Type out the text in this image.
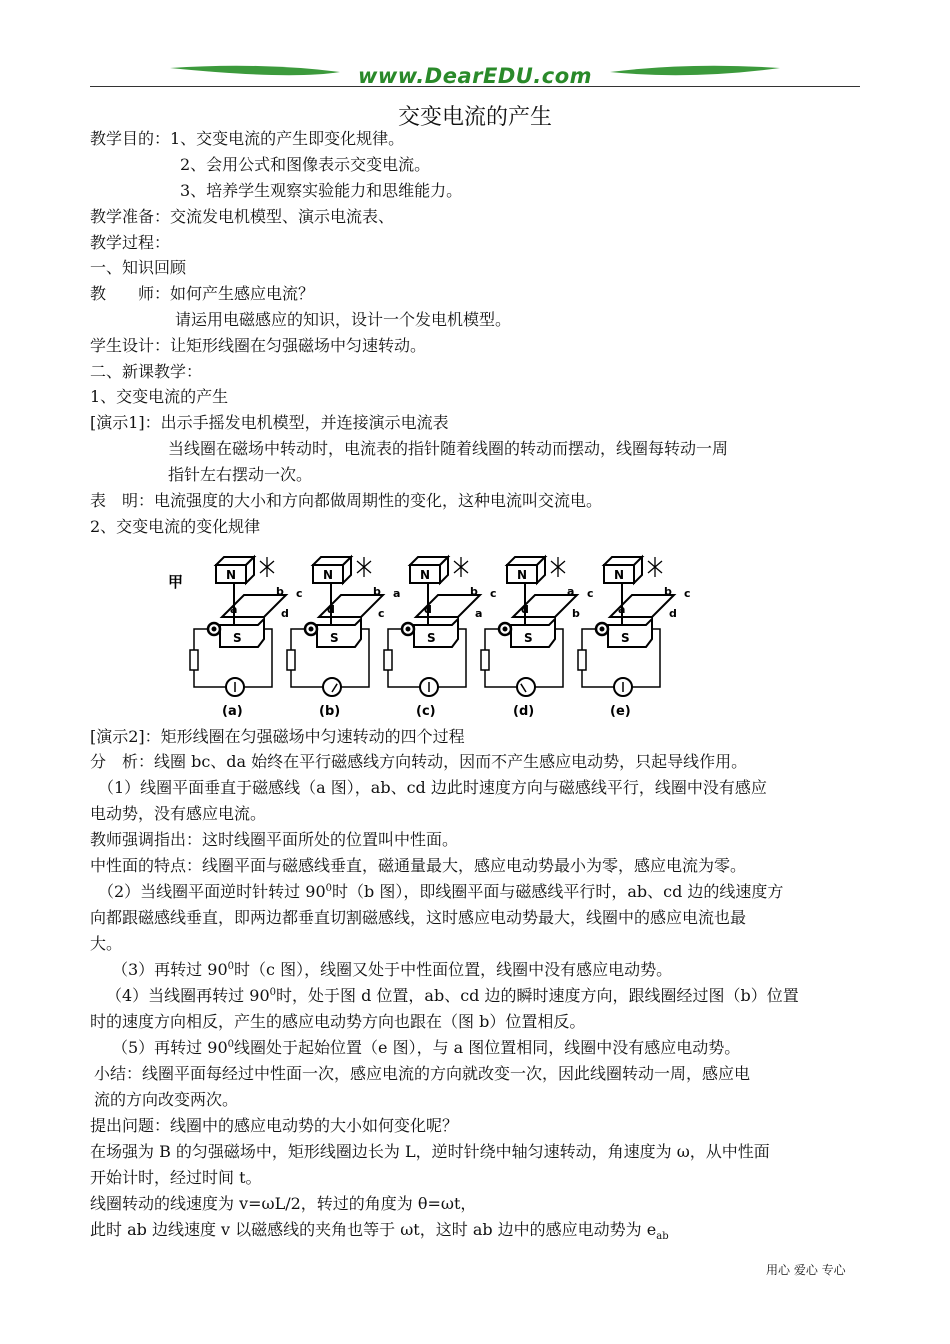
www.DearEDU.com
交变电流的产生
教学目的：1、交变电流的产生即变化规律。
2、会用公式和图像表示交变电流。
3、培养学生观察实验能力和思维能力。
教学准备：交流发电机模型、演示电流表、
教学过程：
一、知识回顾
教　　师：如何产生感应电流？
请运用电磁感应的知识，设计一个发电机模型。
学生设计：让矩形线圈在匀强磁场中匀速转动。
二、新课教学：
1、交变电流的产生
[演示1]：出示手摇发电机模型，并连接演示电流表
当线圈在磁场中转动时，电流表的指针随着线圈的转动而摆动，线圈每转动一周
指针左右摆动一次。
表　明：电流强度的大小和方向都做周期性的变化，这种电流叫交流电。
2、交变电流的变化规律
甲	N
S
a
b c
d
(a)
N
S
d
b a
c
(b)
N
S
d
b c
a
(c)
N
S
d
a c
b
(d)
N
S
a
b c
d
(e)
[演示2]：矩形线圈在匀强磁场中匀速转动的四个过程
分　析：线圈 bc、da 始终在平行磁感线方向转动，因而不产生感应电动势，只起导线作用。
（1）线圈平面垂直于磁感线（a 图），ab、cd 边此时速度方向与磁感线平行，线圈中没有感应
电动势，没有感应电流。
教师强调指出：这时线圈平面所处的位置叫中性面。
中性面的特点：线圈平面与磁感线垂直，磁通量最大，感应电动势最小为零，感应电流为零。
（2）当线圈平面逆时针转过 $90^0$时（b 图），即线圈平面与磁感线平行时，ab、cd 边的线速度方
向都跟磁感线垂直，即两边都垂直切割磁感线，这时感应电动势最大，线圈中的感应电流也最
大。
（3）再转过 $90^0$时（c 图），线圈又处于中性面位置，线圈中没有感应电动势。
（4）当线圈再转过 $90^0$时，处于图 d 位置，ab、cd 边的瞬时速度方向，跟线圈经过图（b）位置
时的速度方向相反，产生的感应电动势方向也跟在（图 b）位置相反。
（5）再转过 $90^0$线圈处于起始位置（e 图），与 a 图位置相同，线圈中没有感应电动势。
小结：线圈平面每经过中性面一次，感应电流的方向就改变一次，因此线圈转动一周，感应电
流的方向改变两次。
提出问题：线圈中的感应电动势的大小如何变化呢？
在场强为 B 的匀强磁场中，矩形线圈边长为 L，逆时针绕中轴匀速转动，角速度为 ω，从中性面
开始计时，经过时间 t。
线圈转动的线速度为 v=ωL/2，转过的角度为 θ=ωt，
此时 ab 边线速度 v 以磁感线的夹角也等于 ωt，这时 ab 边中的感应电动势为 $e_{ab}$
用心 爱心 专心
